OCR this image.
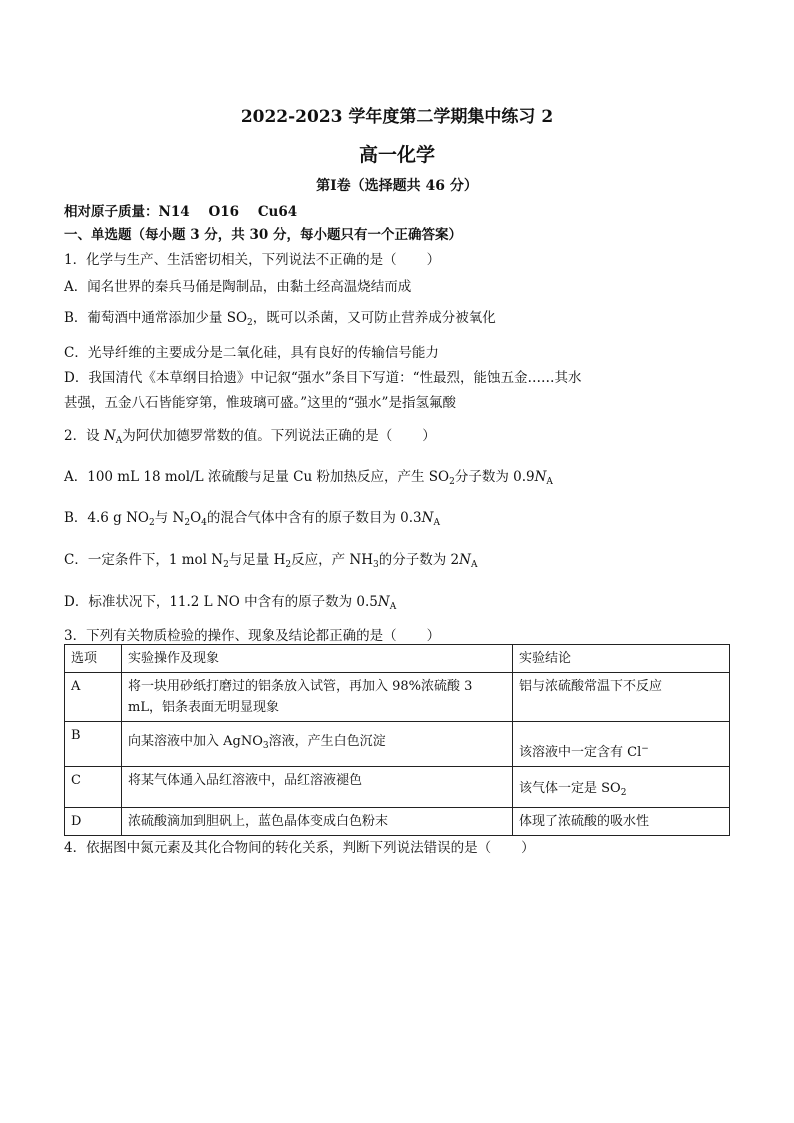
2022-2023 学年度第二学期集中练习 2
高一化学
第Ⅰ卷（选择题共 46 分）
相对原子质量：N14 O16 Cu64
一、单选题（每小题 3 分，共 30 分，每小题只有一个正确答案）
1．化学与生产、生活密切相关，下列说法不正确的是（ ）
A．闻名世界的秦兵马俑是陶制品，由黏土经高温烧结而成
B．葡萄酒中通常添加少量 $SO_2$，既可以杀菌，又可防止营养成分被氧化
C．光导纤维的主要成分是二氧化硅，具有良好的传输信号能力
D．我国清代《本草纲目拾遗》中记叙“强水”条目下写道：“性最烈，能蚀五金……其水
甚强，五金八石皆能穿第，惟玻璃可盛。”这里的“强水”是指氢氟酸
2．设 $N_A$为阿伏加德罗常数的值。下列说法正确的是（ ）
A．100 mL 18 mol/L 浓硫酸与足量 Cu 粉加热反应，产生 $SO_2$分子数为 $0.9N_A$
B．4.6 g $NO_2$与 $N_2O_4$的混合气体中含有的原子数目为 $0.3N_A$
C．一定条件下，1 mol $N_2$与足量 $H_2$反应，产 $NH_3$的分子数为 $2N_A$
D．标准状况下，11.2 L NO 中含有的原子数为 $0.5N_A$
3．下列有关物质检验的操作、现象及结论都正确的是（ ）
选项	实验操作及现象	实验结论
A	将一块用砂纸打磨过的铝条放入试管，再加入 98%浓硫酸 3 mL，铝条表面无明显现象	铝与浓硫酸常温下不反应
B	向某溶液中加入 AgNO$_3$溶液，产生白色沉淀	该溶液中一定含有 Cl−
C	将某气体通入品红溶液中，品红溶液褪色	该气体一定是 $SO_2$
D	浓硫酸滴加到胆矾上，蓝色晶体变成白色粉末	体现了浓硫酸的吸水性
4．依据图中氮元素及其化合物间的转化关系，判断下列说法错误的是（ ）
